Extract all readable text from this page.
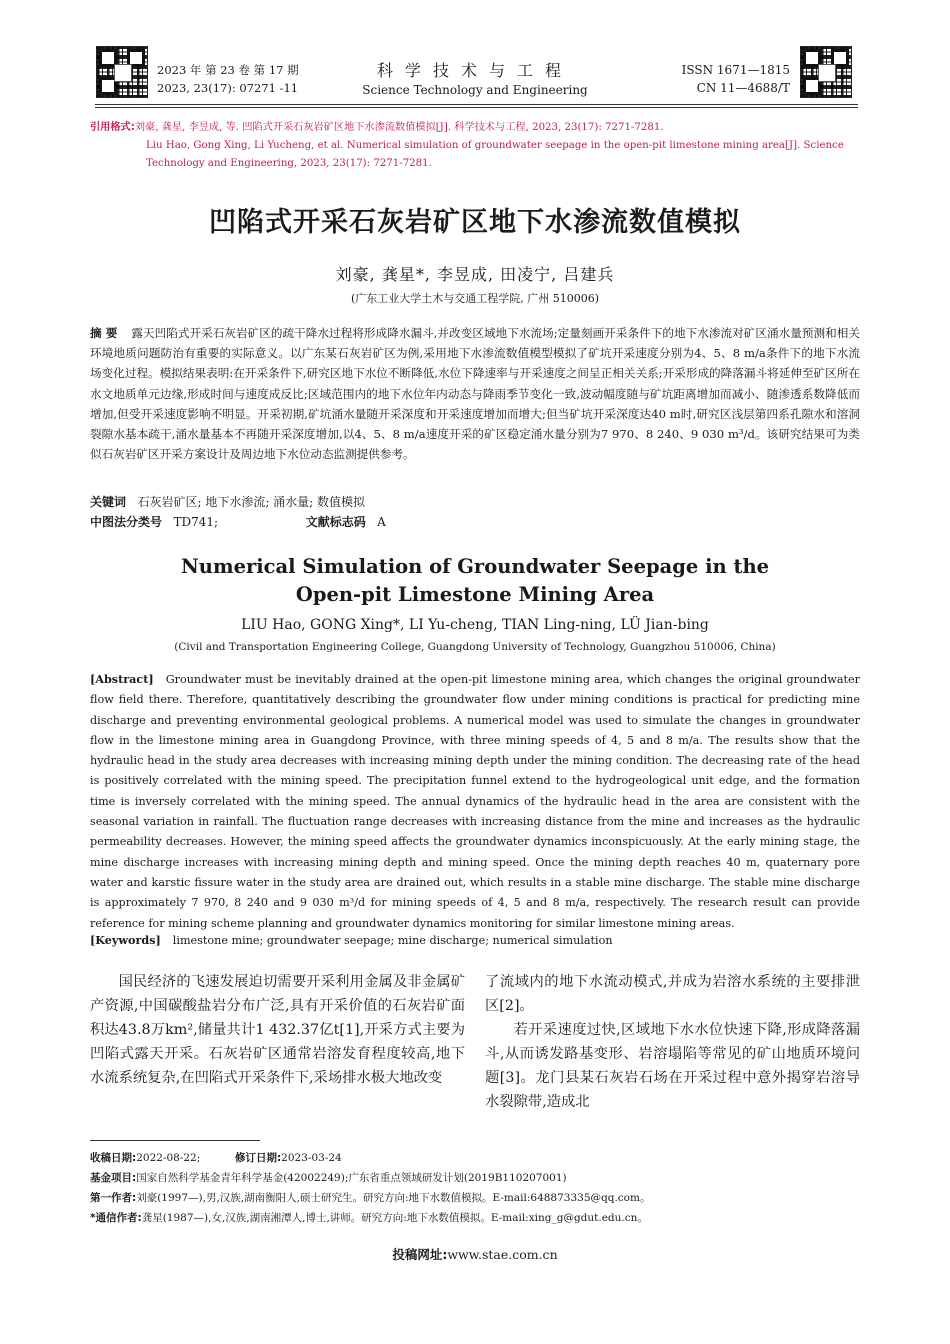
2023 年 第 23 卷 第 17 期
2023, 23(17): 07271 -11
科学技术与工程
Science Technology and Engineering
ISSN 1671—1815
CN 11—4688/T
引用格式:刘豪, 龚星, 李昱成, 等. 凹陷式开采石灰岩矿区地下水渗流数值模拟[J]. 科学技术与工程, 2023, 23(17): 7271-7281.
Liu Hao, Gong Xing, Li Yucheng, et al. Numerical simulation of groundwater seepage in the open-pit limestone mining area[J]. Science Technology and Engineering, 2023, 23(17): 7271-7281.
凹陷式开采石灰岩矿区地下水渗流数值模拟
刘豪, 龚星*, 李昱成, 田凌宁, 吕建兵
(广东工业大学土木与交通工程学院, 广州 510006)
摘 要 露天凹陷式开采石灰岩矿区的疏干降水过程将形成降水漏斗,并改变区域地下水流场;定量刻画开采条件下的地下水渗流对矿区涌水量预测和相关环境地质问题防治有重要的实际意义。以广东某石灰岩矿区为例,采用地下水渗流数值模型模拟了矿坑开采速度分别为4、5、8 m/a条件下的地下水流场变化过程。模拟结果表明:在开采条件下,研究区地下水位不断降低,水位下降速率与开采速度之间呈正相关关系;开采形成的降落漏斗将延伸至矿区所在水文地质单元边缘,形成时间与速度成反比;区域范围内的地下水位年内动态与降雨季节变化一致,波动幅度随与矿坑距离增加而减小、随渗透系数降低而增加,但受开采速度影响不明显。开采初期,矿坑涌水量随开采深度和开采速度增加而增大;但当矿坑开采深度达40 m时,研究区浅层第四系孔隙水和溶洞裂隙水基本疏干,涌水量基本不再随开采深度增加,以4、5、8 m/a速度开采的矿区稳定涌水量分别为7 970、8 240、9 030 m³/d。该研究结果可为类似石灰岩矿区开采方案设计及周边地下水位动态监测提供参考。
关键词 石灰岩矿区; 地下水渗流; 涌水量; 数值模拟
中图法分类号 TD741;	文献标志码 A
Numerical Simulation of Groundwater Seepage in the
Open-pit Limestone Mining Area
LIU Hao, GONG Xing*, LI Yu-cheng, TIAN Ling-ning, LÜ Jian-bing
(Civil and Transportation Engineering College, Guangdong University of Technology, Guangzhou 510006, China)
[Abstract] Groundwater must be inevitably drained at the open-pit limestone mining area, which changes the original groundwater flow field there. Therefore, quantitatively describing the groundwater flow under mining conditions is practical for predicting mine discharge and preventing environmental geological problems. A numerical model was used to simulate the changes in groundwater flow in the limestone mining area in Guangdong Province, with three mining speeds of 4, 5 and 8 m/a. The results show that the hydraulic head in the study area decreases with increasing mining depth under the mining condition. The decreasing rate of the head is positively correlated with the mining speed. The precipitation funnel extend to the hydrogeological unit edge, and the formation time is inversely correlated with the mining speed. The annual dynamics of the hydraulic head in the area are consistent with the seasonal variation in rainfall. The fluctuation range decreases with increasing distance from the mine and increases as the hydraulic permeability decreases. However, the mining speed affects the groundwater dynamics inconspicuously. At the early mining stage, the mine discharge increases with increasing mining depth and mining speed. Once the mining depth reaches 40 m, quaternary pore water and karstic fissure water in the study area are drained out, which results in a stable mine discharge. The stable mine discharge is approximately 7 970, 8 240 and 9 030 m³/d for mining speeds of 4, 5 and 8 m/a, respectively. The research result can provide reference for mining scheme planning and groundwater dynamics monitoring for similar limestone mining areas.
[Keywords] limestone mine; groundwater seepage; mine discharge; numerical simulation

国民经济的飞速发展迫切需要开采利用金属及非金属矿产资源,中国碳酸盐岩分布广泛,具有开采价值的石灰岩矿面积达43.8万km²,储量共计1 432.37亿t[1],开采方式主要为凹陷式露天开采。石灰岩矿区通常岩溶发育程度较高,地下水流系统复杂,在凹陷式开采条件下,采场排水极大地改变

了流域内的地下水流动模式,并成为岩溶水系统的主要排泄区[2]。

若开采速度过快,区域地下水水位快速下降,形成降落漏斗,从而诱发路基变形、岩溶塌陷等常见的矿山地质环境问题[3]。龙门县某石灰岩石场在开采过程中意外揭穿岩溶导水裂隙带,造成北

收稿日期:2022-08-22;	修订日期:2023-03-24
基金项目:国家自然科学基金青年科学基金(42002249);广东省重点领域研发计划(2019B110207001)
第一作者:刘豪(1997—),男,汉族,湖南衡阳人,硕士研究生。研究方向:地下水数值模拟。E-mail:648873335@qq.com。
*通信作者:龚星(1987—),女,汉族,湖南湘潭人,博士,讲师。研究方向:地下水数值模拟。E-mail:xing_g@gdut.edu.cn。
投稿网址:www.stae.com.cn
